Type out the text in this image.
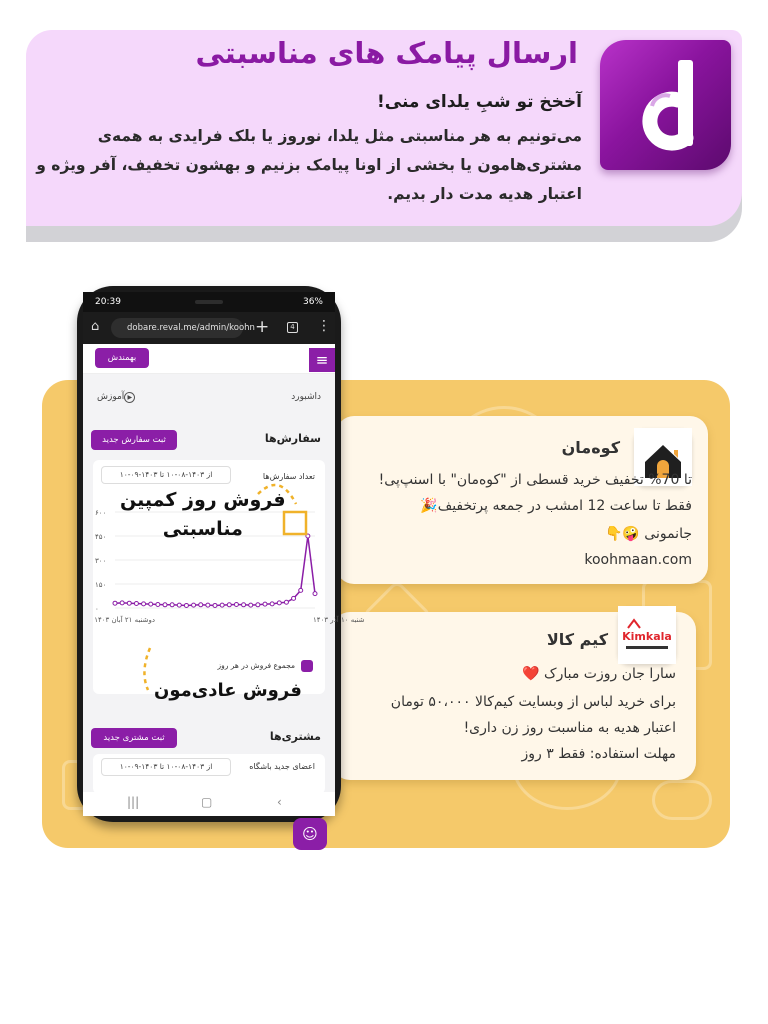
ارسال پیامک های مناسبتی
آخخخ تو شبِ یلدای منی!
می‌تونیم به هر مناسبتی مثل یلدا، نوروز یا بلک فرایدی به همه‌ی
مشتری‌هامون یا بخشی از اونا پیامک بزنیم و بهشون تخفیف، آفر ویژه و
اعتبار هدیه مدت دار بدیم.
کوه‌مان
تا 70% تخفیف خرید قسطی از "کوه‌مان" با اسنپ‌پی!
فقط تا ساعت 12 امشب در جمعه پرتخفیف🎉
جانمونی 🤪👇
koohmaan.com
Kimkala
کیم کالا
سارا جان روزت مبارک ❤️
برای خرید لباس از وبسایت کیم‌کالا ۵۰،۰۰۰ تومان
اعتبار هدیه به مناسبت روز زن داری!
مهلت استفاده: فقط ۳ روز
20:39	36%
⌂	dobare.reval.me/admin/koohn +	4 ⋮
بهمندش	≡
داشبورد
▶آموزش
سفارش‌ها
ثبت سفارش جدید
تعداد سفارش‌ها
از ۱۴۰۳-۰۸-۱۰ تا ۱۴۰۳-۰۹-۱۰
۰
۱۵۰
۳۰۰
۴۵۰
۶۰۰
شنبه ۱۰ آذر ۱۴۰۳
دوشنبه ۲۱ آبان ۱۴۰۳
مجموع فروش در هر روز
مشتری‌ها
ثبت مشتری جدید
اعضای جدید باشگاه
از ۱۴۰۳-۰۸-۱۰ تا ۱۴۰۳-۰۹-۱۰
☺
|||	▢	‹
فروش روز کمپین
مناسبتی
فروش عادی‌مون
